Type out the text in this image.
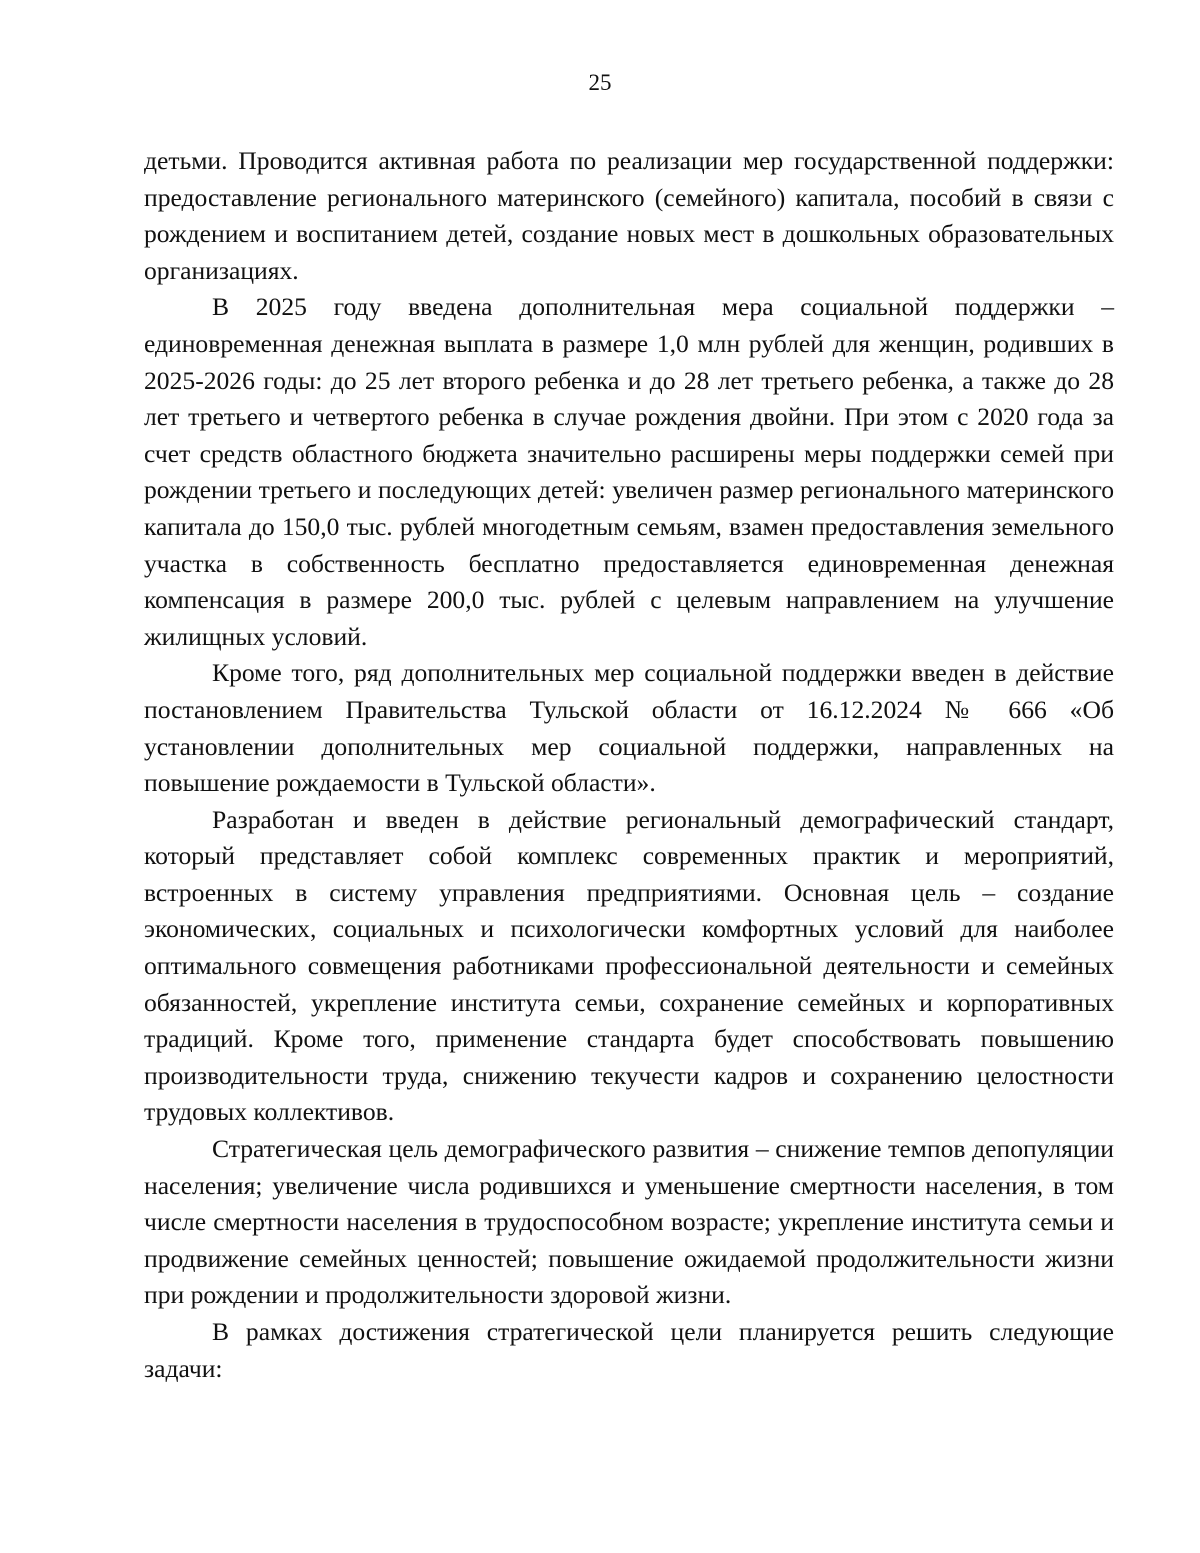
25

детьми. Проводится активная работа по реализации мер государственной поддержки: предоставление регионального материнского (семейного) капитала, пособий в связи с рождением и воспитанием детей, создание новых мест в дошкольных образовательных организациях.

В 2025 году введена дополнительная мера социальной поддержки – единовременная денежная выплата в размере 1,0 млн рублей для женщин, родивших в 2025-2026 годы: до 25 лет второго ребенка и до 28 лет третьего ребенка, а также до 28 лет третьего и четвертого ребенка в случае рождения двойни. При этом с 2020 года за счет средств областного бюджета значительно расширены меры поддержки семей при рождении третьего и последующих детей: увеличен размер регионального материнского капитала до 150,0 тыс. рублей многодетным семьям, взамен предоставления земельного участка в собственность бесплатно предоставляется единовременная денежная компенсация в размере 200,0 тыс. рублей с целевым направлением на улучшение жилищных условий.

Кроме того, ряд дополнительных мер социальной поддержки введен в действие постановлением Правительства Тульской области от 16.12.2024 № 666 «Об установлении дополнительных мер социальной поддержки, направленных на повышение рождаемости в Тульской области».

Разработан и введен в действие региональный демографический стандарт, который представляет собой комплекс современных практик и мероприятий, встроенных в систему управления предприятиями. Основная цель – создание экономических, социальных и психологически комфортных условий для наиболее оптимального совмещения работниками профессиональной деятельности и семейных обязанностей, укрепление института семьи, сохранение семейных и корпоративных традиций. Кроме того, применение стандарта будет способствовать повышению производительности труда, снижению текучести кадров и сохранению целостности трудовых коллективов.

Стратегическая цель демографического развития – снижение темпов депопуляции населения; увеличение числа родившихся и уменьшение смертности населения, в том числе смертности населения в трудоспособном возрасте; укрепление института семьи и продвижение семейных ценностей; повышение ожидаемой продолжительности жизни при рождении и продолжительности здоровой жизни.

В рамках достижения стратегической цели планируется решить следующие задачи:
